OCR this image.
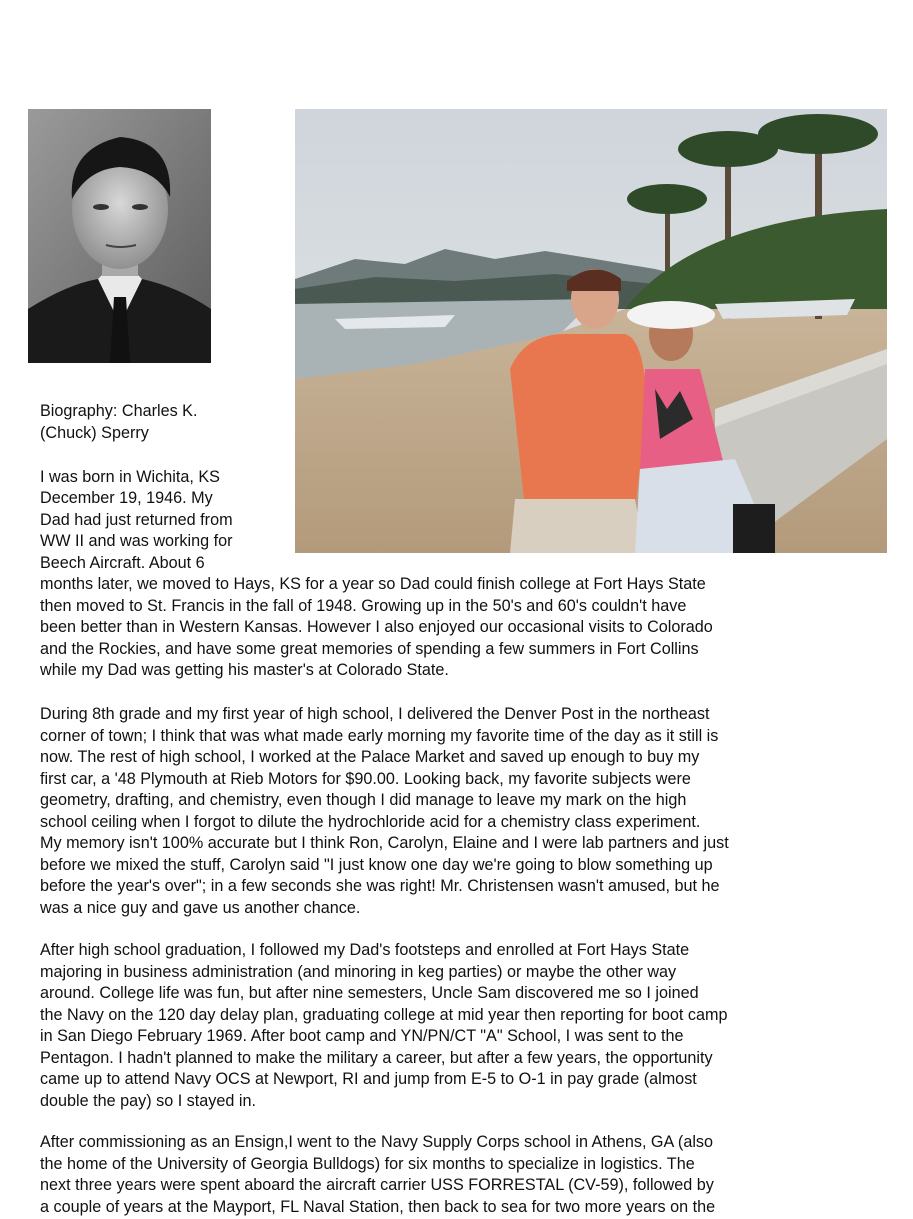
Biography: Charles K.
(Chuck) Sperry

I was born in Wichita, KS
December 19, 1946. My
Dad had just returned from
WW II and was working for
Beech Aircraft. About 6

months later, we moved to Hays, KS for a year so Dad could finish college at Fort Hays State
then moved to St. Francis in the fall of 1948. Growing up in the 50's and 60's couldn't have
been better than in Western Kansas. However I also enjoyed our occasional visits to Colorado
and the Rockies, and have some great memories of spending a few summers in Fort Collins
while my Dad was getting his master's at Colorado State.

During 8th grade and my first year of high school, I delivered the Denver Post in the northeast
corner of town; I think that was what made early morning my favorite time of the day as it still is
now. The rest of high school, I worked at the Palace Market and saved up enough to buy my
first car, a '48 Plymouth at Rieb Motors for $90.00. Looking back, my favorite subjects were
geometry, drafting, and chemistry, even though I did manage to leave my mark on the high
school ceiling when I forgot to dilute the hydrochloride acid for a chemistry class experiment.
My memory isn't 100% accurate but I think Ron, Carolyn, Elaine and I were lab partners and just
before we mixed the stuff, Carolyn said "I just know one day we're going to blow something up
before the year's over"; in a few seconds she was right! Mr. Christensen wasn't amused, but he
was a nice guy and gave us another chance.

After high school graduation, I followed my Dad's footsteps and enrolled at Fort Hays State
majoring in business administration (and minoring in keg parties) or maybe the other way
around. College life was fun, but after nine semesters, Uncle Sam discovered me so I joined
the Navy on the 120 day delay plan, graduating college at mid year then reporting for boot camp
in San Diego February 1969. After boot camp and YN/PN/CT "A" School, I was sent to the
Pentagon. I hadn't planned to make the military a career, but after a few years, the opportunity
came up to attend Navy OCS at Newport, RI and jump from E-5 to O-1 in pay grade (almost
double the pay) so I stayed in.

After commissioning as an Ensign,I went to the Navy Supply Corps school in Athens, GA (also
the home of the University of Georgia Bulldogs) for six months to specialize in logistics. The
next three years were spent aboard the aircraft carrier USS FORRESTAL (CV-59), followed by
a couple of years at the Mayport, FL Naval Station, then back to sea for two more years on the
